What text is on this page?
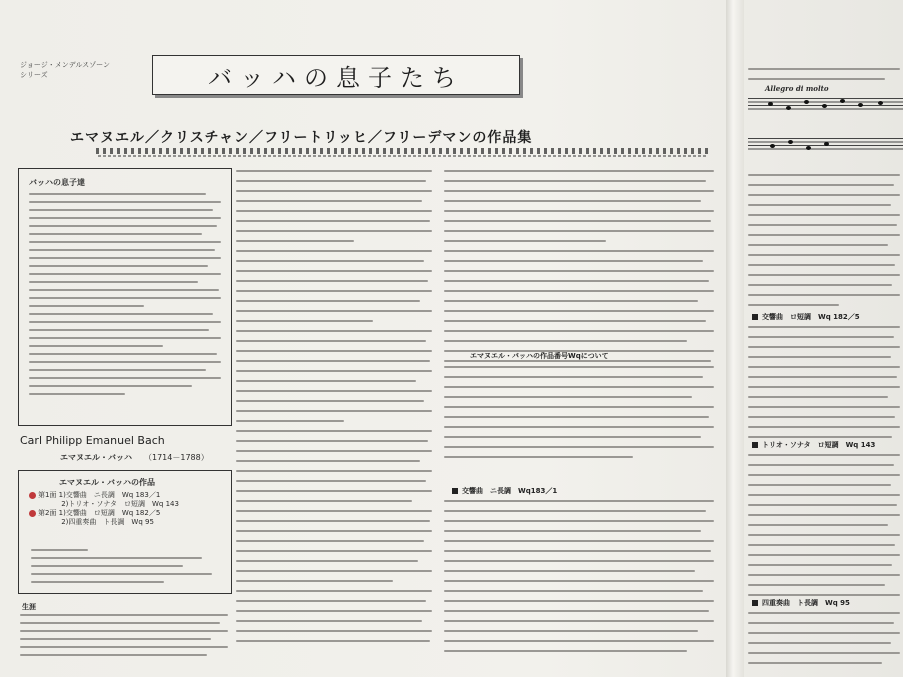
ジョージ・メンデルスゾーン
シリーズ	バッハの息子たち
エマヌエル／クリスチャン／フリートリッヒ／フリーデマンの作品集
バッハの息子達
Carl Philipp Emanuel Bach
エマヌエル・バッハ （1714－1788）
エマヌエル・バッハの作品
第1面 1)交響曲　ニ長調　Wq 183／1
　　　 2)トリオ・ソナタ　ロ短調　Wq 143
第2面 1)交響曲　ロ短調　Wq 182／5
　　　 2)四重奏曲　ト長調　Wq 95
生涯
エマヌエル・バッハの作品番号Wqについて
交響曲　ニ長調　Wq183／1
Allegro di molto
交響曲　ロ短調　Wq 182／5
トリオ・ソナタ　ロ短調　Wq 143
四重奏曲　ト長調　Wq 95
